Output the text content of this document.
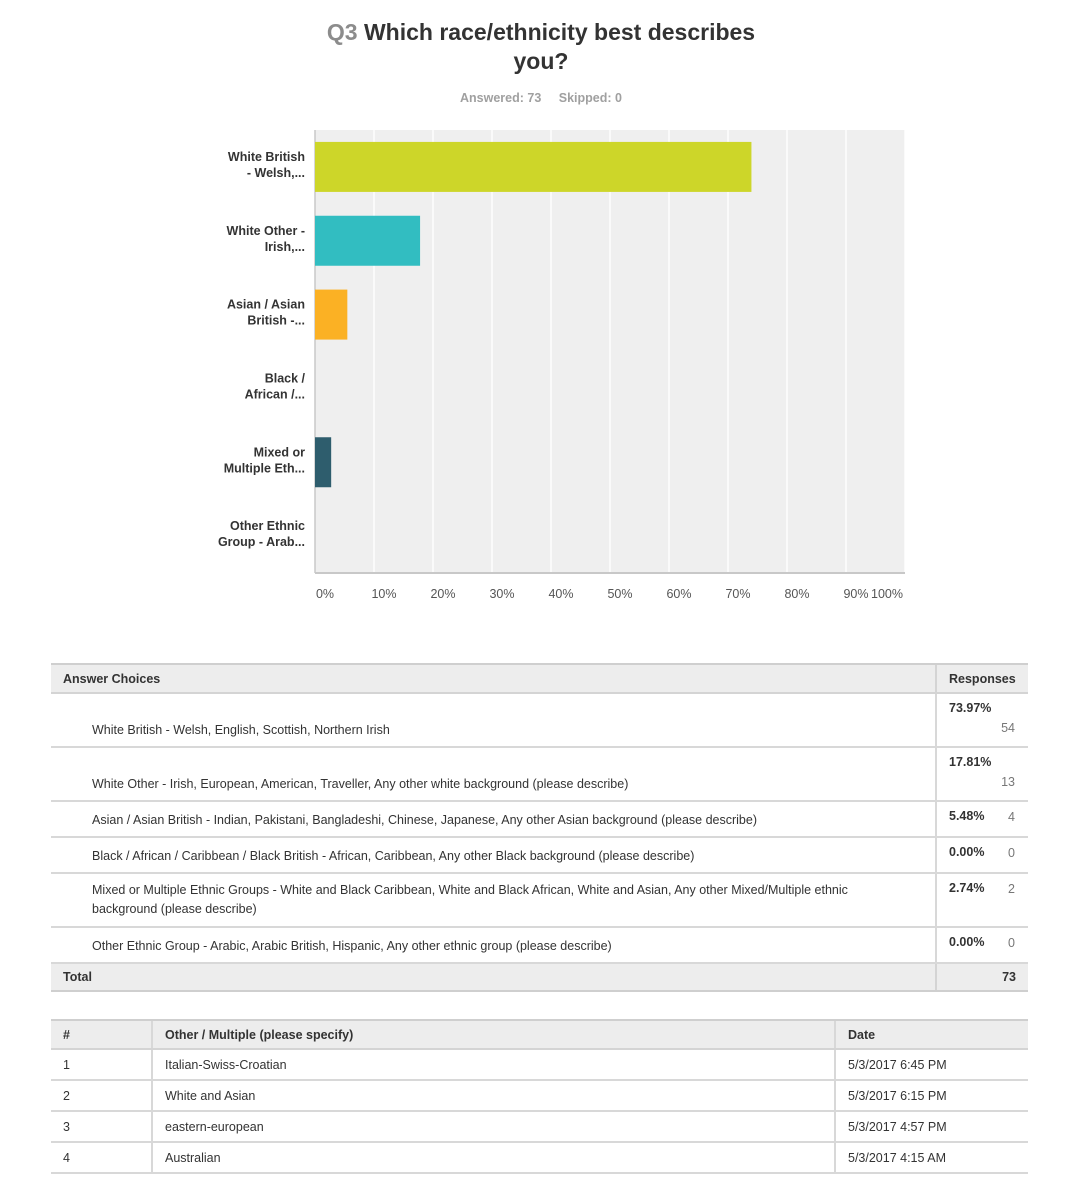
Q3 Which race/ethnicity best describes
you?
Answered: 73 Skipped: 0
0%	10%	20%	30%	40%	50%	60%	70%	80%	90% 100%
White British
- Welsh,...
White Other -
Irish,...
Asian / Asian
British -...
Black /
African /...
Mixed or
Multiple Eth...
Other Ethnic
Group - Arab...
Answer Choices	Responses

White British - Welsh, English, Scottish, Northern Irish	73.97%
54

White Other - Irish, European, American, Traveller, Any other white background (please describe)	17.81%
13

Asian / Asian British - Indian, Pakistani, Bangladeshi, Chinese, Japanese, Any other Asian background (please describe)	5.48% 4

Black / African / Caribbean / Black British - African, Caribbean, Any other Black background (please describe)	0.00% 0

Mixed or Multiple Ethnic Groups - White and Black Caribbean, White and Black African, White and Asian, Any other Mixed/Multiple ethnic background (please describe)	2.74% 2

Other Ethnic Group - Arabic, Arabic British, Hispanic, Any other ethnic group (please describe)	0.00% 0

Total	73
#	Other / Multiple (please specify)	Date
1	Italian-Swiss-Croatian	5/3/2017 6:45 PM
2	White and Asian	5/3/2017 6:15 PM
3	eastern-european	5/3/2017 4:57 PM
4	Australian	5/3/2017 4:15 AM
